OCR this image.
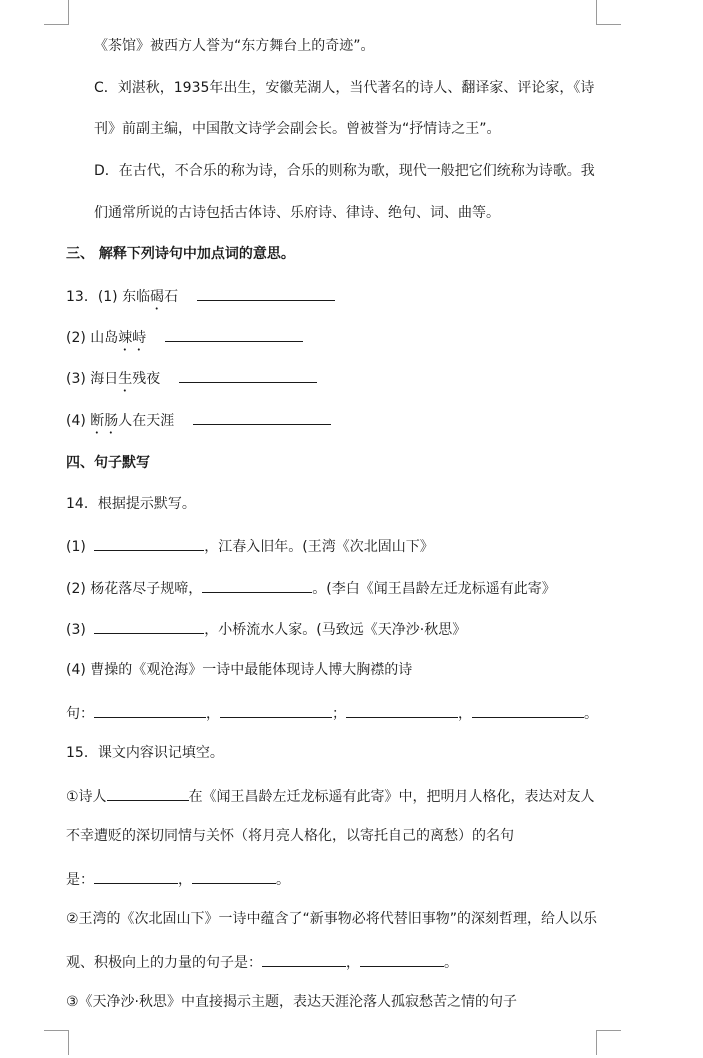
《茶馆》被西方人誉为“东方舞台上的奇迹”。
C．刘湛秋，1935年出生，安徽芜湖人，当代著名的诗人、翻译家、评论家，《诗
刊》前副主编，中国散文诗学会副会长。曾被誉为“抒情诗之王”。
D．在古代，不合乐的称为诗，合乐的则称为歌，现代一般把它们统称为诗歌。我
们通常所说的古诗包括古体诗、乐府诗、律诗、绝句、词、曲等。
三、 解释下列诗句中加点词的意思。
13．(1) 东临碣石
(2) 山岛竦峙
(3) 海日生残夜
(4) 断肠人在天涯
四、句子默写
14．根据提示默写。
(1)	，江春入旧年。(王湾《次北固山下》
(2) 杨花落尽子规啼，	。(李白《闻王昌龄左迁龙标遥有此寄》
(3)	，小桥流水人家。(马致远《天净沙·秋思》
(4) 曹操的《观沧海》一诗中最能体现诗人博大胸襟的诗
句：	，	；	，	。
15．课文内容识记填空。
①诗人	在《闻王昌龄左迁龙标遥有此寄》中，把明月人格化，表达对友人
不幸遭贬的深切同情与关怀（将月亮人格化，以寄托自己的离愁）的名句
是：	，	。
②王湾的《次北固山下》一诗中蕴含了“新事物必将代替旧事物”的深刻哲理，给人以乐
观、积极向上的力量的句子是：	，	。
③《天净沙·秋思》中直接揭示主题，表达天涯沦落人孤寂愁苦之情的句子
